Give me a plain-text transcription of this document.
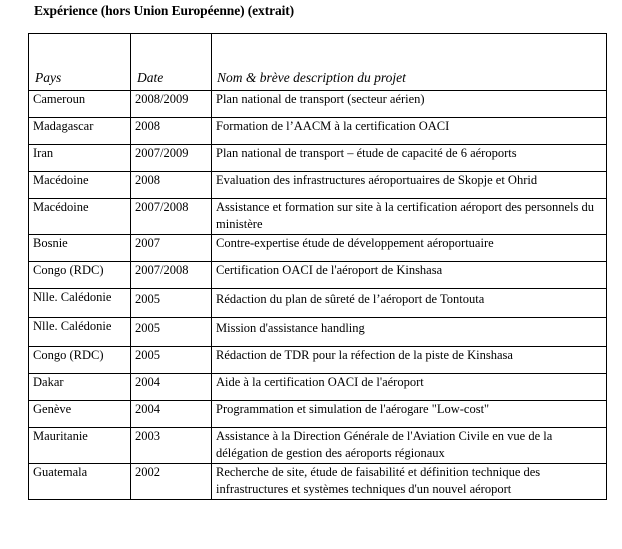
Expérience (hors Union Européenne) (extrait)
Pays	Date	Nom & brève description du projet
Cameroun	2008/2009	Plan national de transport (secteur aérien)
Madagascar	2008	Formation de l’AACM à la certification OACI
Iran	2007/2009	Plan national de transport – étude de capacité de 6 aéroports
Macédoine	2008	Evaluation des infrastructures aéroportuaires de Skopje et Ohrid
Macédoine	2007/2008	Assistance et formation sur site à la certification aéroport des personnels du ministère
Bosnie	2007	Contre-expertise étude de développement aéroportuaire
Congo (RDC)	2007/2008	Certification OACI de l'aéroport de Kinshasa
Nlle. Calédonie	2005	Rédaction du plan de sûreté de l’aéroport de Tontouta
Nlle. Calédonie	2005	Mission d'assistance handling
Congo (RDC)	2005	Rédaction de TDR pour la réfection de la piste de Kinshasa
Dakar	2004	Aide à la certification OACI de l'aéroport
Genève	2004	Programmation et simulation de l'aérogare "Low-cost"
Mauritanie	2003	Assistance à la Direction Générale de l'Aviation Civile en vue de la délégation de gestion des aéroports régionaux
Guatemala	2002	Recherche de site, étude de faisabilité et définition technique des infrastructures et systèmes techniques d'un nouvel aéroport
